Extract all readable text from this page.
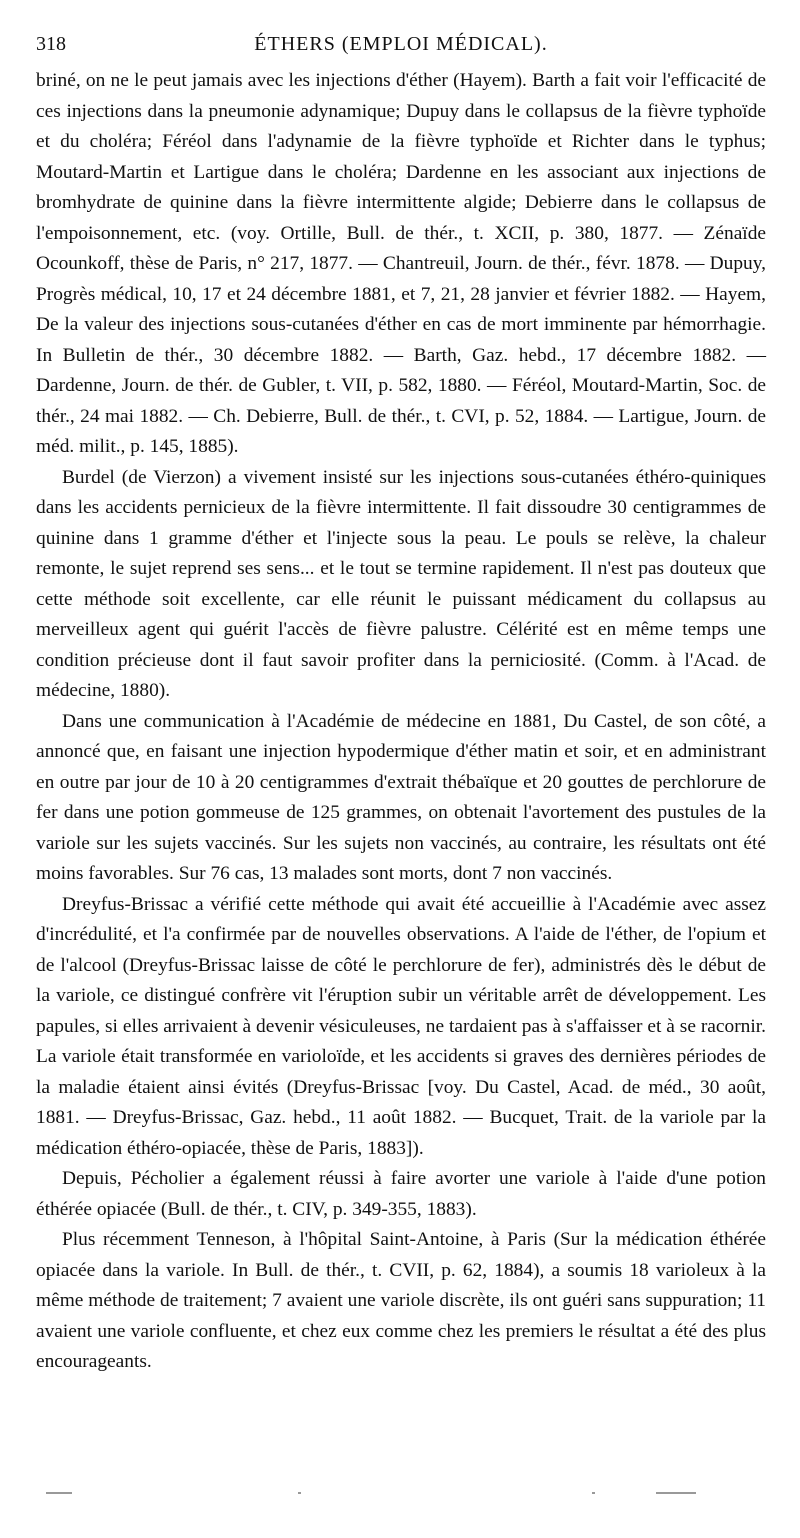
318	ÉTHERS (EMPLOI MÉDICAL).

briné, on ne le peut jamais avec les injections d'éther (Hayem). Barth a fait voir l'efficacité de ces injections dans la pneumonie adynamique; Dupuy dans le collapsus de la fièvre typhoïde et du choléra; Féréol dans l'adynamie de la fièvre typhoïde et Richter dans le typhus; Moutard-Martin et Lartigue dans le choléra; Dardenne en les associant aux injections de bromhydrate de quinine dans la fièvre intermittente algide; Debierre dans le collapsus de l'empoisonnement, etc. (voy. Ortille, Bull. de thér., t. XCII, p. 380, 1877. — Zénaïde Ocounkoff, thèse de Paris, n° 217, 1877. — Chantreuil, Journ. de thér., févr. 1878. — Dupuy, Progrès médical, 10, 17 et 24 décembre 1881, et 7, 21, 28 janvier et février 1882. — Hayem, De la valeur des injections sous-cutanées d'éther en cas de mort imminente par hémorrhagie. In Bulletin de thér., 30 décembre 1882. — Barth, Gaz. hebd., 17 décembre 1882. — Dardenne, Journ. de thér. de Gubler, t. VII, p. 582, 1880. — Féréol, Moutard-Martin, Soc. de thér., 24 mai 1882. — Ch. Debierre, Bull. de thér., t. CVI, p. 52, 1884. — Lartigue, Journ. de méd. milit., p. 145, 1885).

Burdel (de Vierzon) a vivement insisté sur les injections sous-cutanées éthéro-quiniques dans les accidents pernicieux de la fièvre intermittente. Il fait dissoudre 30 centigrammes de quinine dans 1 gramme d'éther et l'injecte sous la peau. Le pouls se relève, la chaleur remonte, le sujet reprend ses sens... et le tout se termine rapidement. Il n'est pas douteux que cette méthode soit excellente, car elle réunit le puissant médicament du collapsus au merveilleux agent qui guérit l'accès de fièvre palustre. Célérité est en même temps une condition précieuse dont il faut savoir profiter dans la perniciosité. (Comm. à l'Acad. de médecine, 1880).

Dans une communication à l'Académie de médecine en 1881, Du Castel, de son côté, a annoncé que, en faisant une injection hypodermique d'éther matin et soir, et en administrant en outre par jour de 10 à 20 centigrammes d'extrait thébaïque et 20 gouttes de perchlorure de fer dans une potion gommeuse de 125 grammes, on obtenait l'avortement des pustules de la variole sur les sujets vaccinés. Sur les sujets non vaccinés, au contraire, les résultats ont été moins favorables. Sur 76 cas, 13 malades sont morts, dont 7 non vaccinés.

Dreyfus-Brissac a vérifié cette méthode qui avait été accueillie à l'Académie avec assez d'incrédulité, et l'a confirmée par de nouvelles observations. A l'aide de l'éther, de l'opium et de l'alcool (Dreyfus-Brissac laisse de côté le perchlorure de fer), administrés dès le début de la variole, ce distingué confrère vit l'éruption subir un véritable arrêt de développement. Les papules, si elles arrivaient à devenir vésiculeuses, ne tardaient pas à s'affaisser et à se racornir. La variole était transformée en varioloïde, et les accidents si graves des dernières périodes de la maladie étaient ainsi évités (Dreyfus-Brissac [voy. Du Castel, Acad. de méd., 30 août, 1881. — Dreyfus-Brissac, Gaz. hebd., 11 août 1882. — Bucquet, Trait. de la variole par la médication éthéro-opiacée, thèse de Paris, 1883]).

Depuis, Pécholier a également réussi à faire avorter une variole à l'aide d'une potion éthérée opiacée (Bull. de thér., t. CIV, p. 349-355, 1883).

Plus récemment Tenneson, à l'hôpital Saint-Antoine, à Paris (Sur la médication éthérée opiacée dans la variole. In Bull. de thér., t. CVII, p. 62, 1884), a soumis 18 varioleux à la même méthode de traitement; 7 avaient une variole discrète, ils ont guéri sans suppuration; 11 avaient une variole confluente, et chez eux comme chez les premiers le résultat a été des plus encourageants.
